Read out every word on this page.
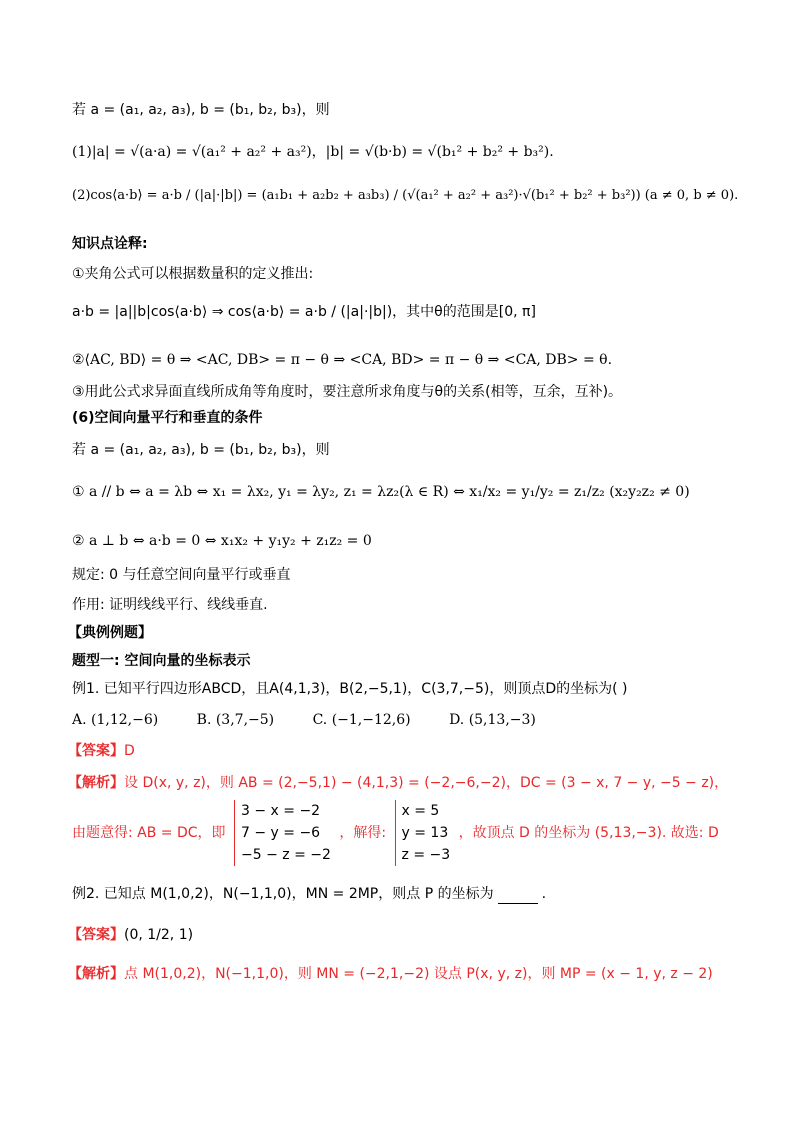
若 a = (a₁, a₂, a₃), b = (b₁, b₂, b₃)，则
(1)|a| = √(a·a) = √(a₁² + a₂² + a₃²)，|b| = √(b·b) = √(b₁² + b₂² + b₃²).
(2)cos⟨a·b⟩ = a·b / (|a|·|b|) = (a₁b₁ + a₂b₂ + a₃b₃) / (√(a₁² + a₂² + a₃²)·√(b₁² + b₂² + b₃²)) (a ≠ 0, b ≠ 0).
知识点诠释:
①夹角公式可以根据数量积的定义推出:
a·b = |a||b|cos⟨a·b⟩ ⇒ cos⟨a·b⟩ = a·b / (|a|·|b|)，其中θ的范围是[0, π]
②⟨AC, BD⟩ = θ ⇒ <AC, DB> = π − θ ⇒ <CA, BD> = π − θ ⇒ <CA, DB> = θ.
③用此公式求异面直线所成角等角度时，要注意所求角度与θ的关系(相等，互余，互补)。
(6)空间向量平行和垂直的条件
若 a = (a₁, a₂, a₃), b = (b₁, b₂, b₃)，则
① a // b ⇔ a = λb ⇔ x₁ = λx₂, y₁ = λy₂, z₁ = λz₂(λ ∈ R) ⇔ x₁/x₂ = y₁/y₂ = z₁/z₂ (x₂y₂z₂ ≠ 0)
② a ⊥ b ⇔ a·b = 0 ⇔ x₁x₂ + y₁y₂ + z₁z₂ = 0
规定: 0 与任意空间向量平行或垂直
作用: 证明线线平行、线线垂直.
【典例例题】
题型一: 空间向量的坐标表示
例1. 已知平行四边形ABCD，且A(4,1,3)，B(2,−5,1)，C(3,7,−5)，则顶点D的坐标为( )
A. (1,12,−6)	B. (3,7,−5)	C. (−1,−12,6)	D. (5,13,−3)
【答案】D
【解析】设 D(x, y, z)，则 AB = (2,−5,1) − (4,1,3) = (−2,−6,−2)，DC = (3 − x, 7 − y, −5 − z)，
由题意得: AB = DC，即
3 − x = −2
7 − y = −6
−5 − z = −2
，解得:
x = 5
y = 13
z = −3
，故顶点 D 的坐标为 (5,13,−3). 故选: D
例2. 已知点 M(1,0,2)，N(−1,1,0)，MN = 2MP，则点 P 的坐标为	.
【答案】(0, 1/2, 1)
【解析】点 M(1,0,2)，N(−1,1,0)，则 MN = (−2,1,−2) 设点 P(x, y, z)，则 MP = (x − 1, y, z − 2)
